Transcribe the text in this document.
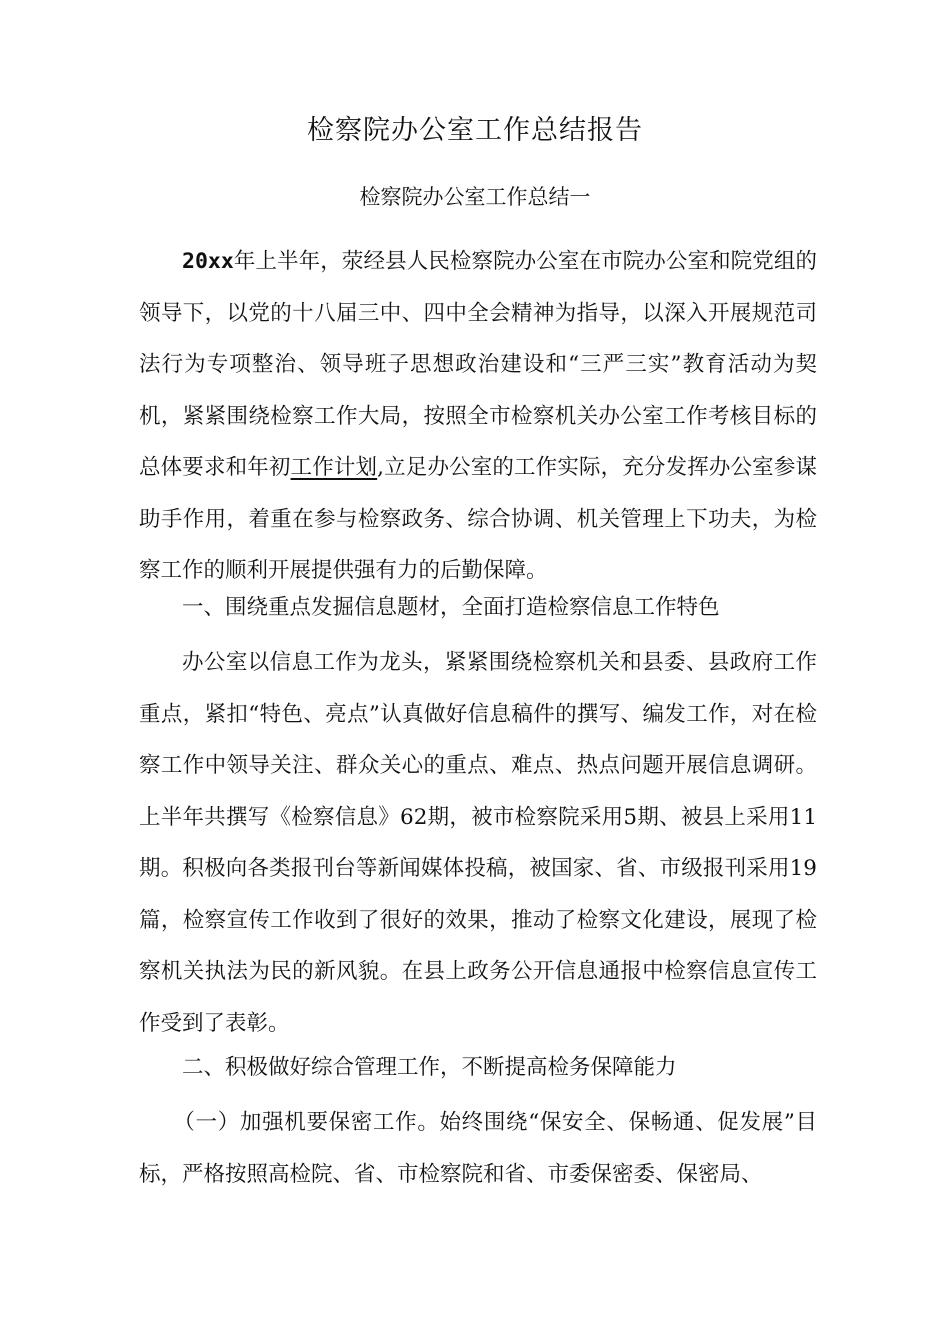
检察院办公室工作总结报告
检察院办公室工作总结一

20xx年上半年，荥经县人民检察院办公室在市院办公室和院党组的领导下，以党的十八届三中、四中全会精神为指导，以深入开展规范司法行为专项整治、领导班子思想政治建设和“三严三实”教育活动为契机，紧紧围绕检察工作大局，按照全市检察机关办公室工作考核目标的总体要求和年初工作计划,立足办公室的工作实际，充分发挥办公室参谋助手作用，着重在参与检察政务、综合协调、机关管理上下功夫，为检察工作的顺利开展提供强有力的后勤保障。

一、围绕重点发掘信息题材，全面打造检察信息工作特色

办公室以信息工作为龙头，紧紧围绕检察机关和县委、县政府工作重点，紧扣“特色、亮点”认真做好信息稿件的撰写、编发工作，对在检察工作中领导关注、群众关心的重点、难点、热点问题开展信息调研。上半年共撰写《检察信息》62期，被市检察院采用5期、被县上采用11期。积极向各类报刊台等新闻媒体投稿，被国家、省、市级报刊采用19篇，检察宣传工作收到了很好的效果，推动了检察文化建设，展现了检察机关执法为民的新风貌。在县上政务公开信息通报中检察信息宣传工作受到了表彰。

二、积极做好综合管理工作，不断提高检务保障能力

（一）加强机要保密工作。始终围绕“保安全、保畅通、促发展”目标，严格按照高检院、省、市检察院和省、市委保密委、保密局、
